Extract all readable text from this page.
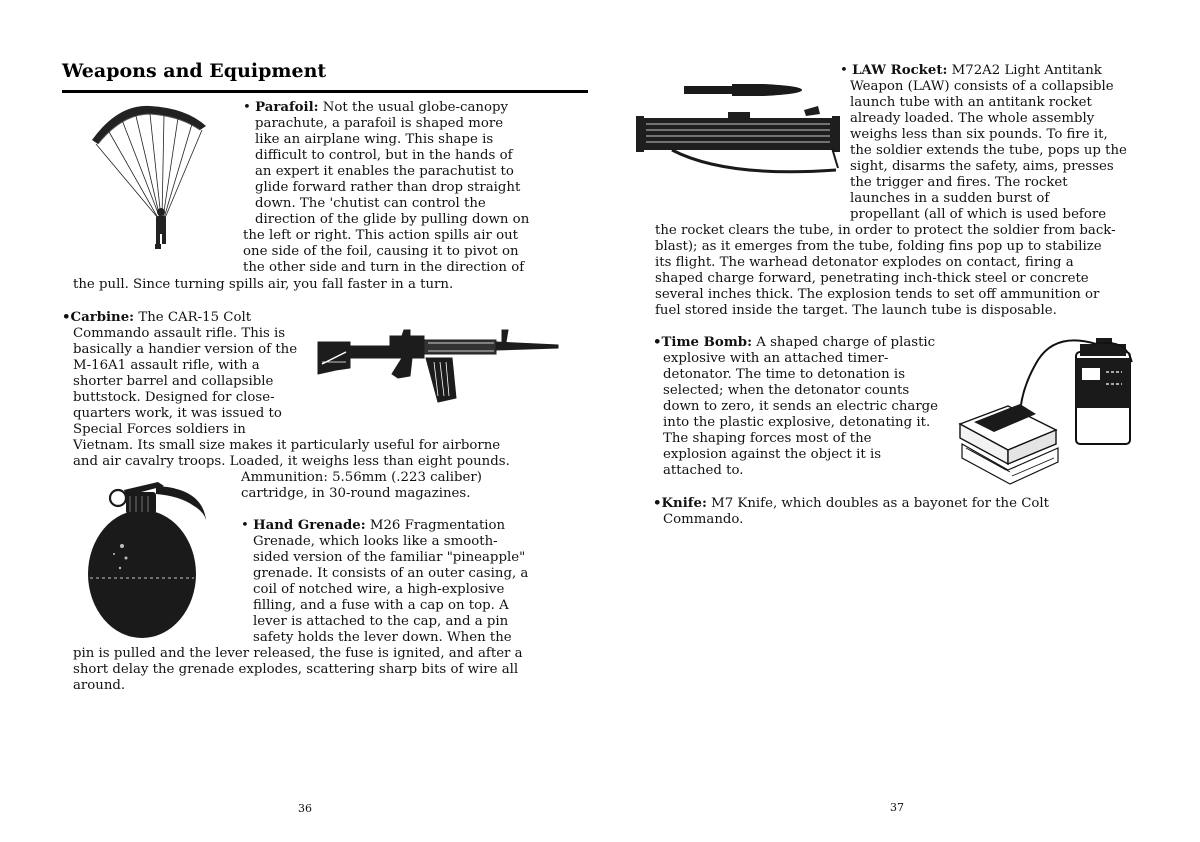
Weapons and Equipment

• Parafoil: Not the usual globe-canopy

parachute, a parafoil is shaped more

like an airplane wing. This shape is

difficult to control, but in the hands of

an expert it enables the parachutist to

glide forward rather than drop straight

down. The 'chutist can control the

direction of the glide by pulling down on

the left or right. This action spills air out

one side of the foil, causing it to pivot on

the other side and turn in the direction of

the pull. Since turning spills air, you fall faster in a turn.

•Carbine: The CAR-15 Colt

Commando assault rifle. This is

basically a handier version of the

M-16A1 assault rifle, with a

shorter barrel and collapsible

buttstock. Designed for close-

quarters work, it was issued to

Special Forces soldiers in

Vietnam. Its small size makes it particularly useful for airborne

and air cavalry troops. Loaded, it weighs less than eight pounds.

Ammunition: 5.56mm (.223 caliber)

cartridge, in 30-round magazines.

• Hand Grenade: M26 Fragmentation

Grenade, which looks like a smooth-

sided version of the familiar "pineapple"

grenade. It consists of an outer casing, a

coil of notched wire, a high-explosive

filling, and a fuse with a cap on top. A

lever is attached to the cap, and a pin

safety holds the lever down. When the

pin is pulled and the lever released, the fuse is ignited, and after a

short delay the grenade explodes, scattering sharp bits of wire all

around.

36

• LAW Rocket: M72A2 Light Antitank

Weapon (LAW) consists of a collapsible

launch tube with an antitank rocket

already loaded. The whole assembly

weighs less than six pounds. To fire it,

the soldier extends the tube, pops up the

sight, disarms the safety, aims, presses

the trigger and fires. The rocket

launches in a sudden burst of

propellant (all of which is used before

the rocket clears the tube, in order to protect the soldier from back-

blast); as it emerges from the tube, folding fins pop up to stabilize

its flight. The warhead detonator explodes on contact, firing a

shaped charge forward, penetrating inch-thick steel or concrete

several inches thick. The explosion tends to set off ammunition or

fuel stored inside the target. The launch tube is disposable.

•Time Bomb: A shaped charge of plastic

explosive with an attached timer-

detonator. The time to detonation is

selected; when the detonator counts

down to zero, it sends an electric charge

into the plastic explosive, detonating it.

The shaping forces most of the

explosion against the object it is

attached to.

•Knife: M7 Knife, which doubles as a bayonet for the Colt

Commando.

37
